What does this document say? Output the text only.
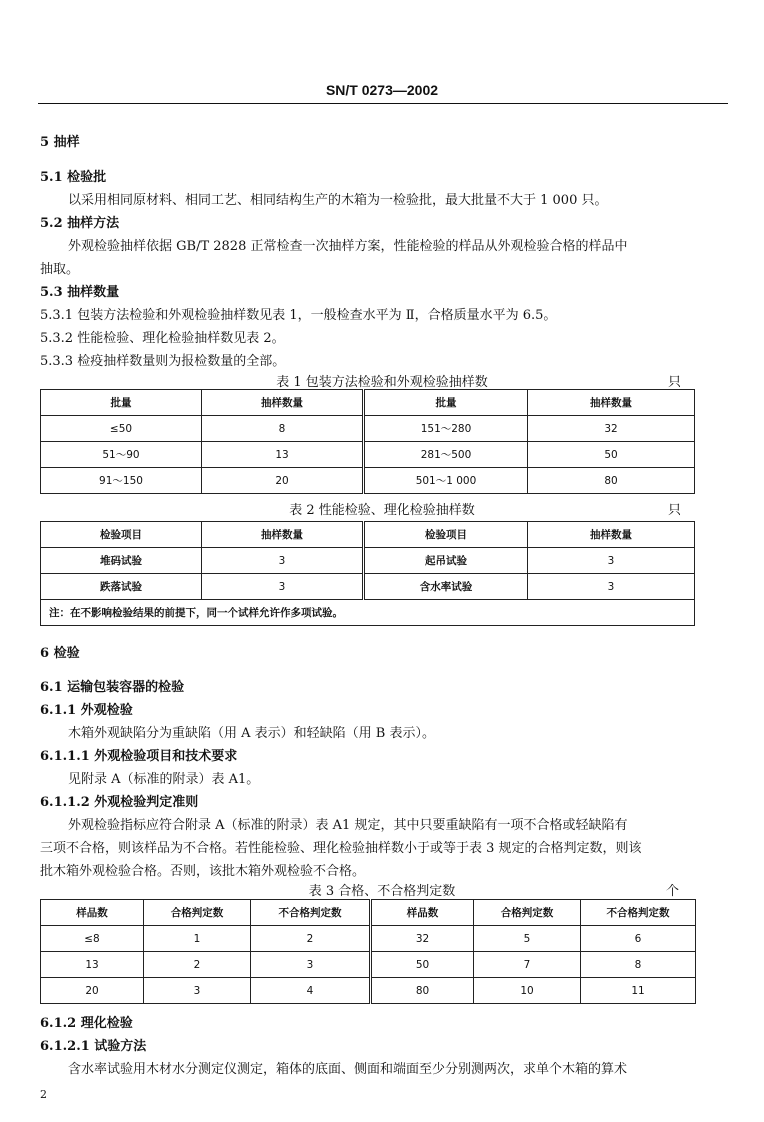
SN/T 0273—2002
5 抽样
5.1 检验批
以采用相同原材料、相同工艺、相同结构生产的木箱为一检验批，最大批量不大于 1 000 只。
5.2 抽样方法
外观检验抽样依据 GB/T 2828 正常检查一次抽样方案，性能检验的样品从外观检验合格的样品中
抽取。
5.3 抽样数量
5.3.1 包装方法检验和外观检验抽样数见表 1，一般检查水平为 Ⅱ，合格质量水平为 6.5。
5.3.2 性能检验、理化检验抽样数见表 2。
5.3.3 检疫抽样数量则为报检数量的全部。
表 1 包装方法检验和外观检验抽样数	只
批量	抽样数量	批量	抽样数量
≤50	8	151～280	32
51～90	13	281～500	50
91～150	20	501～1 000	80
表 2 性能检验、理化检验抽样数	只
检验项目	抽样数量	检验项目	抽样数量
堆码试验	3	起吊试验	3
跌落试验	3	含水率试验	3
注：在不影响检验结果的前提下，同一个试样允许作多项试验。			
6 检验
6.1 运输包装容器的检验
6.1.1 外观检验
木箱外观缺陷分为重缺陷（用 A 表示）和轻缺陷（用 B 表示）。
6.1.1.1 外观检验项目和技术要求
见附录 A（标准的附录）表 A1。
6.1.1.2 外观检验判定准则
外观检验指标应符合附录 A（标准的附录）表 A1 规定，其中只要重缺陷有一项不合格或轻缺陷有
三项不合格，则该样品为不合格。若性能检验、理化检验抽样数小于或等于表 3 规定的合格判定数，则该
批木箱外观检验合格。否则，该批木箱外观检验不合格。
表 3 合格、不合格判定数	个
样品数	合格判定数	不合格判定数	样品数	合格判定数	不合格判定数
≤8	1	2	32	5	6
13	2	3	50	7	8
20	3	4	80	10	11
6.1.2 理化检验
6.1.2.1 试验方法
含水率试验用木材水分测定仪测定，箱体的底面、侧面和端面至少分别测两次，求单个木箱的算术
2
